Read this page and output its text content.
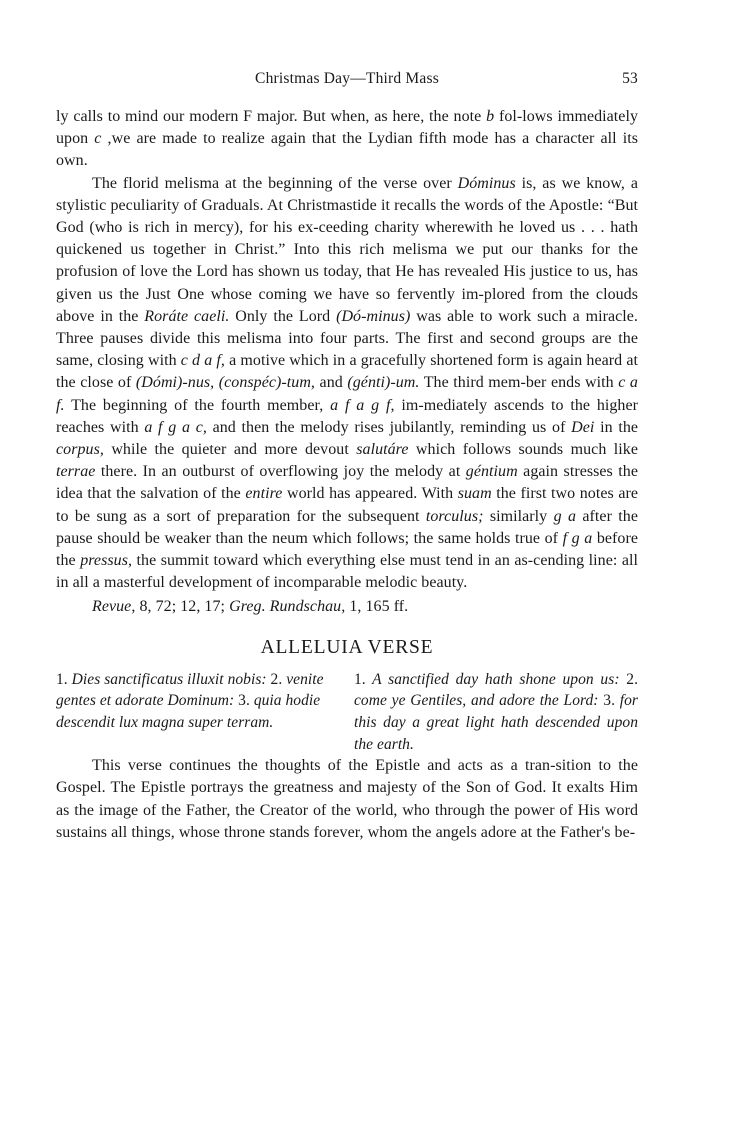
Christmas Day—Third Mass	53

ly calls to mind our modern F major. But when, as here, the note b fol-lows immediately upon c ,we are made to realize again that the Lydian fifth mode has a character all its own.

The florid melisma at the beginning of the verse over Dóminus is, as we know, a stylistic peculiarity of Graduals. At Christmastide it recalls the words of the Apostle: “But God (who is rich in mercy), for his ex-ceeding charity wherewith he loved us . . . hath quickened us together in Christ.” Into this rich melisma we put our thanks for the profusion of love the Lord has shown us today, that He has revealed His justice to us, has given us the Just One whose coming we have so fervently im-plored from the clouds above in the Roráte caeli. Only the Lord (Dó-minus) was able to work such a miracle. Three pauses divide this melisma into four parts. The first and second groups are the same, closing with c d a f, a motive which in a gracefully shortened form is again heard at the close of (Dómi)-nus, (conspéc)-tum, and (génti)-um. The third mem-ber ends with c a f. The beginning of the fourth member, a f a g f, im-mediately ascends to the higher reaches with a f g a c, and then the melody rises jubilantly, reminding us of Dei in the corpus, while the quieter and more devout salutáre which follows sounds much like terrae there. In an outburst of overflowing joy the melody at géntium again stresses the idea that the salvation of the entire world has appeared. With suam the first two notes are to be sung as a sort of preparation for the subsequent torculus; similarly g a after the pause should be weaker than the neum which follows; the same holds true of f g a before the pressus, the summit toward which everything else must tend in an as-cending line: all in all a masterful development of incomparable melodic beauty.

Revue, 8, 72; 12, 17; Greg. Rundschau, 1, 165 ff.

ALLELUIA VERSE
1. Dies sanctificatus illuxit nobis: 2. venite gentes et adorate Dominum: 3. quia hodie descendit lux magna super terram.
1. A sanctified day hath shone upon us: 2. come ye Gentiles, and adore the Lord: 3. for this day a great light hath descended upon the earth.

This verse continues the thoughts of the Epistle and acts as a tran-sition to the Gospel. The Epistle portrays the greatness and majesty of the Son of God. It exalts Him as the image of the Father, the Creator of the world, who through the power of His word sustains all things, whose throne stands forever, whom the angels adore at the Father's be-
